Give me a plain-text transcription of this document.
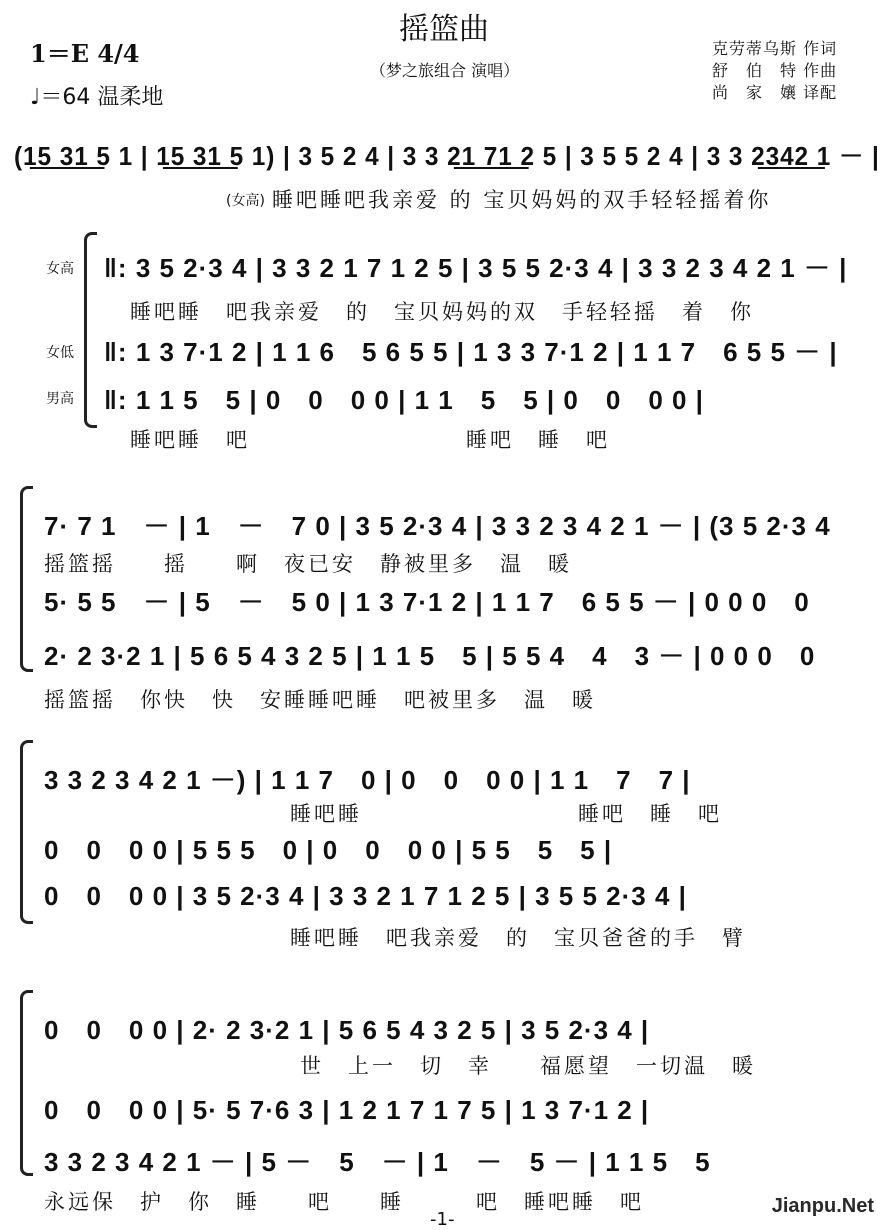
摇篮曲
（梦之旅组合 演唱）
1＝E 4/4
♩＝64 温柔地
克劳蒂乌斯 作词
舒　伯　特 作曲
尚　家　孃 译配
(1͟5͟ 3͟1͟ 5 1 | 1͟5͟ 3͟1͟ 5 1) | 3 5 2 4 | 3 3 2͟1͟ 7͟1͟ 2 5 | 3 5 5 2 4 | 3 3 2͟3͟4͟2͟ 1 － |
(女高) 睡吧睡吧我亲爱 的 宝贝妈妈的双手轻轻摇着你
女高
女低
男高
‖: 3 5 2·3 4 | 3 3 2 1 7 1 2 5 | 3 5 5 2·3 4 | 3 3 2 3 4 2 1 － |
睡吧睡　吧我亲爱　的　宝贝妈妈的双　手轻轻摇　着　你
‖: 1 3 7·1 2 | 1 1 6　5 6 5 5 | 1 3 3 7·1 2 | 1 1 7　6 5 5 － |
‖: 1 1 5　5 | 0　0　0 0 | 1 1　5　5 | 0　0　0 0 |
睡吧睡　吧　　　　　　　　　睡吧　睡　吧
7· 7 1　－ | 1　－　7 0 | 3 5 2·3 4 | 3 3 2 3 4 2 1 － | (3 5 2·3 4
摇篮摇　　摇　　啊　夜已安　静被里多　温　暖
5· 5 5　－ | 5　－　5 0 | 1 3 7·1 2 | 1 1 7　6 5 5 － | 0 0 0　0
2· 2 3·2 1 | 5 6 5 4 3 2 5 | 1 1 5　5 | 5 5 4　4　3 － | 0 0 0　0
摇篮摇　你快　快　安睡睡吧睡　吧被里多　温　暖
3 3 2 3 4 2 1 －) | 1 1 7　0 | 0　0　0 0 | 1 1　7　7 |
睡吧睡　　　　　　　　　睡吧　睡　吧
0　0　0 0 | 5 5 5　0 | 0　0　0 0 | 5 5　5　5 |
0　0　0 0 | 3 5 2·3 4 | 3 3 2 1 7 1 2 5 | 3 5 5 2·3 4 |
睡吧睡　吧我亲爱　的　宝贝爸爸的手　臂
0　0　0 0 | 2· 2 3·2 1 | 5 6 5 4 3 2 5 | 3 5 2·3 4 |
世　上一　切　幸　　福愿望　一切温　暖
0　0　0 0 | 5· 5 7·6 3 | 1 2 1 7 1 7 5 | 1 3 7·1 2 |
3 3 2 3 4 2 1 － | 5 －　5　－ | 1　－　5 － | 1 1 5　5
永远保　护　你　睡　　吧　　睡　　　吧　睡吧睡　吧
-1-
Jianpu.Net
